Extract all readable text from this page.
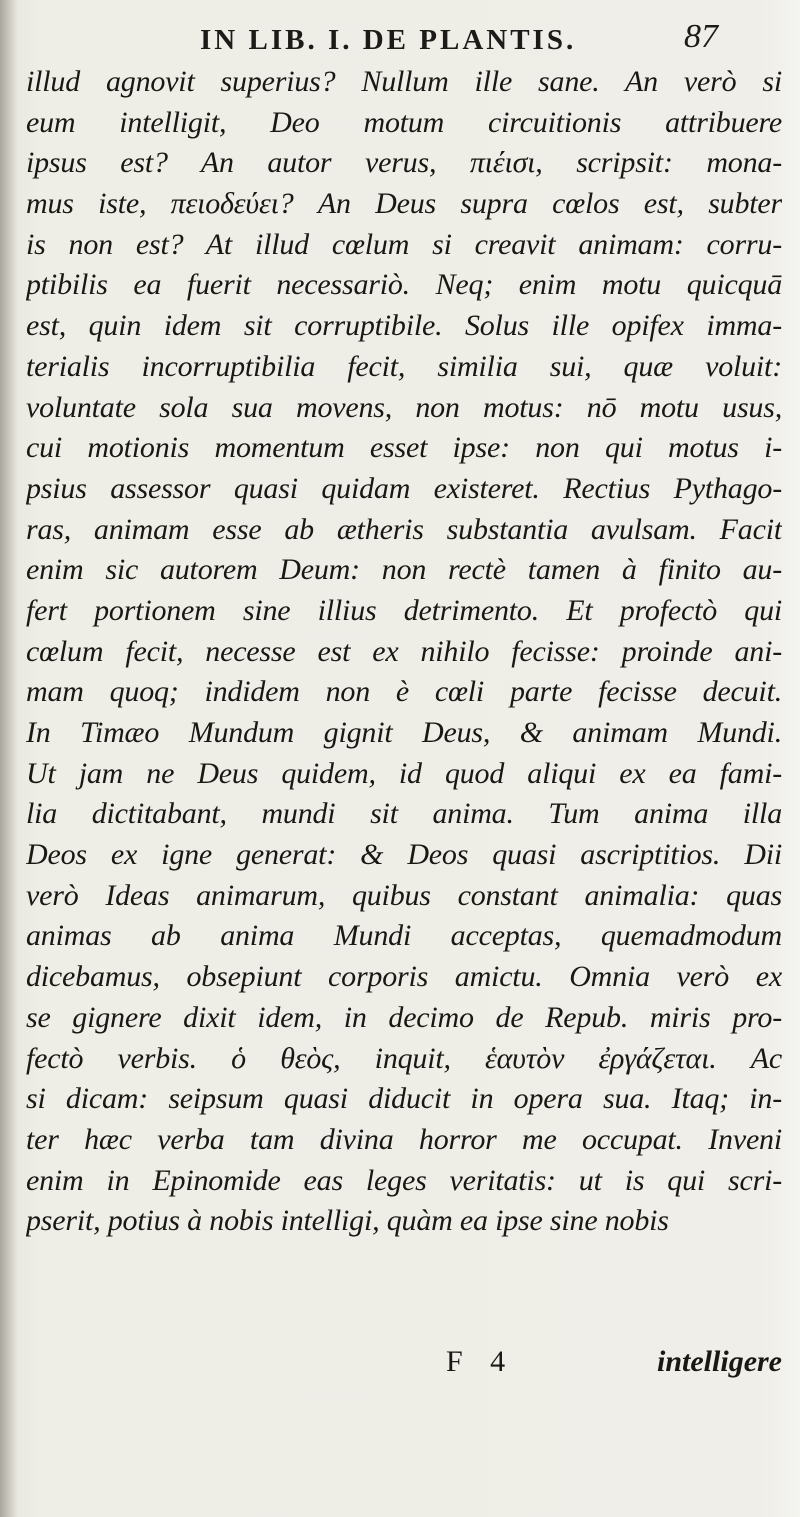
IN LIB. I. DE PLANTIS.	87
illud agnovit superius? Nullum ille sane. An verò si
eum intelligit, Deo motum circuitionis attribuere
ipsus est? An autor verus, πιέισι, scripsit: mona-
mus iste, πειοδεύει? An Deus supra cœlos est, subter
is non est? At illud cœlum si creavit animam: corru-
ptibilis ea fuerit necessariò. Neq; enim motu quicquā
est, quin idem sit corruptibile. Solus ille opifex imma-
terialis incorruptibilia fecit, similia sui, quæ voluit:
voluntate sola sua movens, non motus: nō motu usus,
cui motionis momentum esset ipse: non qui motus i-
psius assessor quasi quidam existeret. Rectius Pythago-
ras, animam esse ab ætheris substantia avulsam. Facit
enim sic autorem Deum: non rectè tamen à finito au-
fert portionem sine illius detrimento. Et profectò qui
cœlum fecit, necesse est ex nihilo fecisse: proinde ani-
mam quoq; indidem non è cœli parte fecisse decuit.
In Timæo Mundum gignit Deus, & animam Mundi.
Ut jam ne Deus quidem, id quod aliqui ex ea fami-
lia dictitabant, mundi sit anima. Tum anima illa
Deos ex igne generat: & Deos quasi ascriptitios. Dii
verò Ideas animarum, quibus constant animalia: quas
animas ab anima Mundi acceptas, quemadmodum
dicebamus, obsepiunt corporis amictu. Omnia verò ex
se gignere dixit idem, in decimo de Repub. miris pro-
fectò verbis. ὁ θεὸς, inquit, ἑαυτὸν ἐργάζεται. Ac
si dicam: seipsum quasi diducit in opera sua. Itaq; in-
ter hæc verba tam divina horror me occupat. Inveni
enim in Epinomide eas leges veritatis: ut is qui scri-
pserit, potius à nobis intelligi, quàm ea ipse sine nobis
F 4	intelligere
